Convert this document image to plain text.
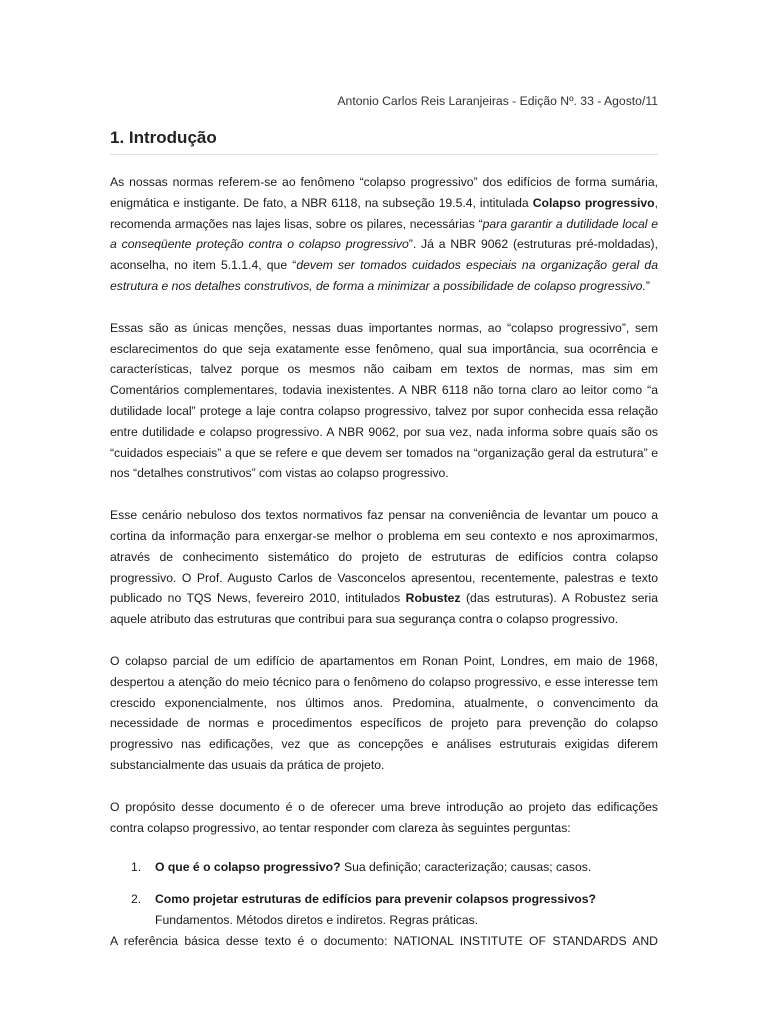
Antonio Carlos Reis Laranjeiras - Edição Nº. 33 - Agosto/11
1. Introdução

As nossas normas referem-se ao fenômeno “colapso progressivo” dos edifícios de forma sumária, enigmática e instigante. De fato, a NBR 6118, na subseção 19.5.4, intitulada Colapso progressivo, recomenda armações nas lajes lisas, sobre os pilares, necessárias “para garantir a dutilidade local e a conseqüente proteção contra o colapso progressivo”. Já a NBR 9062 (estruturas pré-moldadas), aconselha, no item 5.1.1.4, que “devem ser tomados cuidados especiais na organização geral da estrutura e nos detalhes construtivos, de forma a minimizar a possibilidade de colapso progressivo.”

Essas são as únicas menções, nessas duas importantes normas, ao “colapso progressivo”, sem esclarecimentos do que seja exatamente esse fenômeno, qual sua importância, sua ocorrência e características, talvez porque os mesmos não caibam em textos de normas, mas sim em Comentários complementares, todavia inexistentes. A NBR 6118 não torna claro ao leitor como “a dutilidade local” protege a laje contra colapso progressivo, talvez por supor conhecida essa relação entre dutilidade e colapso progressivo. A NBR 9062, por sua vez, nada informa sobre quais são os “cuidados especiais” a que se refere e que devem ser tomados na “organização geral da estrutura” e nos “detalhes construtivos” com vistas ao colapso progressivo.

Esse cenário nebuloso dos textos normativos faz pensar na conveniência de levantar um pouco a cortina da informação para enxergar-se melhor o problema em seu contexto e nos aproximarmos, através de conhecimento sistemático do projeto de estruturas de edifícios contra colapso progressivo. O Prof. Augusto Carlos de Vasconcelos apresentou, recentemente, palestras e texto publicado no TQS News, fevereiro 2010, intitulados Robustez (das estruturas). A Robustez seria aquele atributo das estruturas que contribui para sua segurança contra o colapso progressivo.

O colapso parcial de um edifício de apartamentos em Ronan Point, Londres, em maio de 1968, despertou a atenção do meio técnico para o fenômeno do colapso progressivo, e esse interesse tem crescido exponencialmente, nos últimos anos. Predomina, atualmente, o convencimento da necessidade de normas e procedimentos específicos de projeto para prevenção do colapso progressivo nas edificações, vez que as concepções e análises estruturais exigidas diferem substancialmente das usuais da prática de projeto.

O propósito desse documento é o de oferecer uma breve introdução ao projeto das edificações contra colapso progressivo, ao tentar responder com clareza às seguintes perguntas:

1. O que é o colapso progressivo? Sua definição; caracterização; causas; casos.
2. Como projetar estruturas de edifícios para prevenir colapsos progressivos? Fundamentos. Métodos diretos e indiretos. Regras práticas.

A referência básica desse texto é o documento: NATIONAL INSTITUTE OF STANDARDS AND
